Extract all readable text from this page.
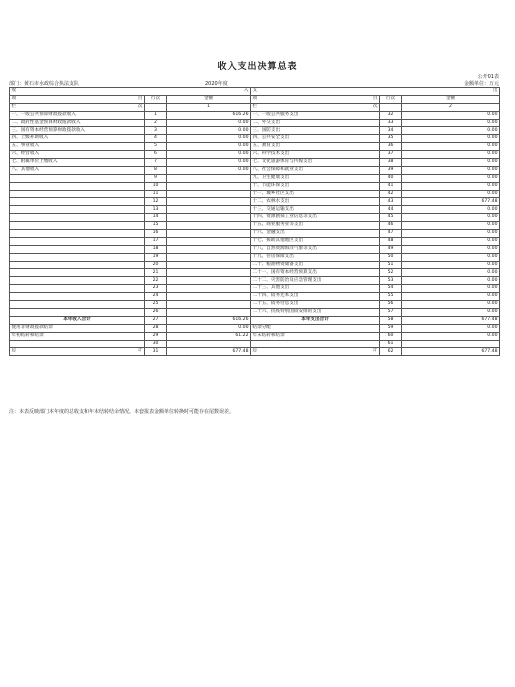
收入支出决算总表
公开01表
部门：黄石市水政综合执法支队	2020年度	金额单位：万元
收 入			支 出		

项 目	行次	金额	项 目	行次	金额

栏 次		1	栏 次		2
一、一般公共预算财政拨款收入	1	616.26	一、一般公共服务支出	32	0.00
二、政府性基金预算财政拨款收入	2	0.00	二、外交支出	33	0.00
三、国有资本经营预算财政拨款收入	3	0.00	三、国防支出	34	0.00
四、上级补助收入	4	0.00	四、公共安全支出	35	0.00
五、事业收入	5	0.00	五、教育支出	36	0.00
六、经营收入	6	0.00	六、科学技术支出	37	0.00
七、附属单位上缴收入	7	0.00	七、文化旅游体育与传媒支出	38	0.00
八、其他收入	8	0.00	八、社会保障和就业支出	39	0.00
	9		九、卫生健康支出	40	0.00
	10		十、节能环保支出	41	0.00
	11		十一、城乡社区支出	42	0.00
	12		十二、农林水支出	43	677.48
	13		十三、交通运输支出	44	0.00
	14		十四、资源勘探工业信息等支出	45	0.00
	15		十五、商业服务业等支出	46	0.00
	16		十六、金融支出	47	0.00
	17		十七、援助其他地区支出	48	0.00
	18		十八、自然资源海洋气象等支出	49	0.00
	19		十九、住房保障支出	50	0.00
	20		二十、粮油物资储备支出	51	0.00
	21		二十一、国有资本经营预算支出	52	0.00
	22		二十二、灾害防治及应急管理支出	53	0.00
	23		二十三、其他支出	54	0.00
	24		二十四、债务还本支出	55	0.00
	25		二十五、债务付息支出	56	0.00
	26		二十六、抗疫特别国债安排的支出	57	0.00
本年收入合计	27	616.26	本年支出合计	58	677.48
使用非财政拨款结余	28	0.00	结余分配	59	0.00
年初结转和结余	29	61.22	年末结转和结余	60	0.00
	30			61	

总 计	31	677.48	总 计	62	677.48
注：本表反映部门本年度的总收支和年末结转结余情况。本套报表金额单位转换时可能存在尾数误差。
